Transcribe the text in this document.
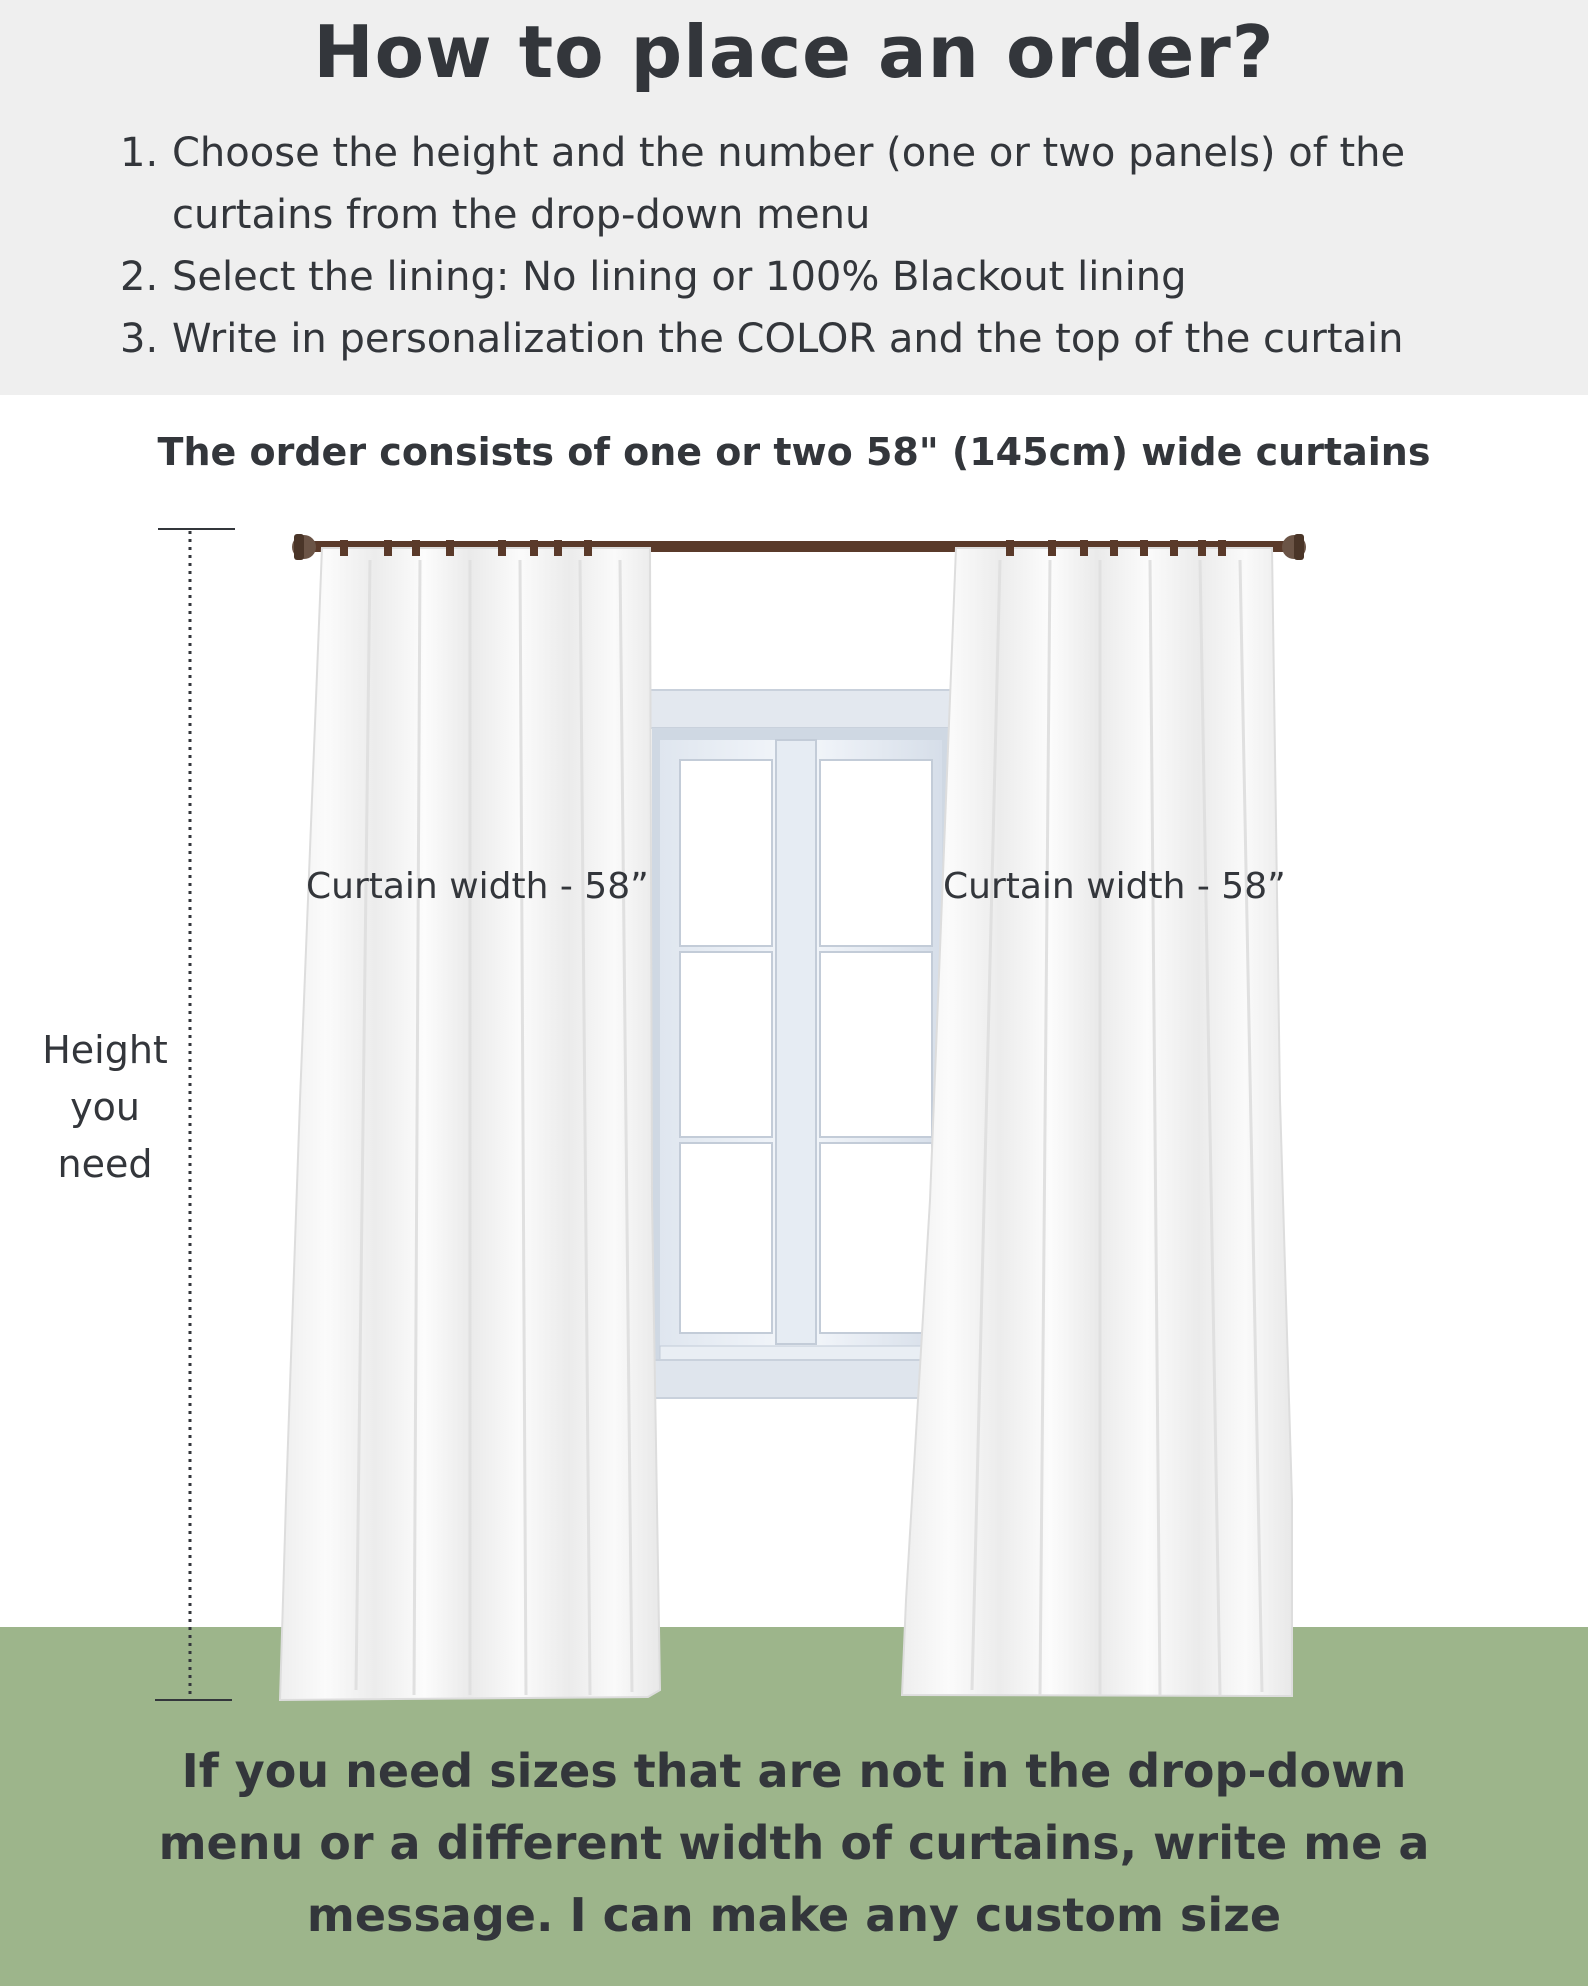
How to place an order?
1. Choose the height and the number (one or two panels) of the
curtains from the drop-down menu
2. Select the lining: No lining or 100% Blackout lining
3. Write in personalization the COLOR and the top of the curtain
The order consists of one or two 58" (145cm) wide curtains
Curtain width - 58”	Curtain width - 58”
Height
you
need
If you need sizes that are not in the drop-down menu or a different width of curtains, write me a message. I can make any custom size
